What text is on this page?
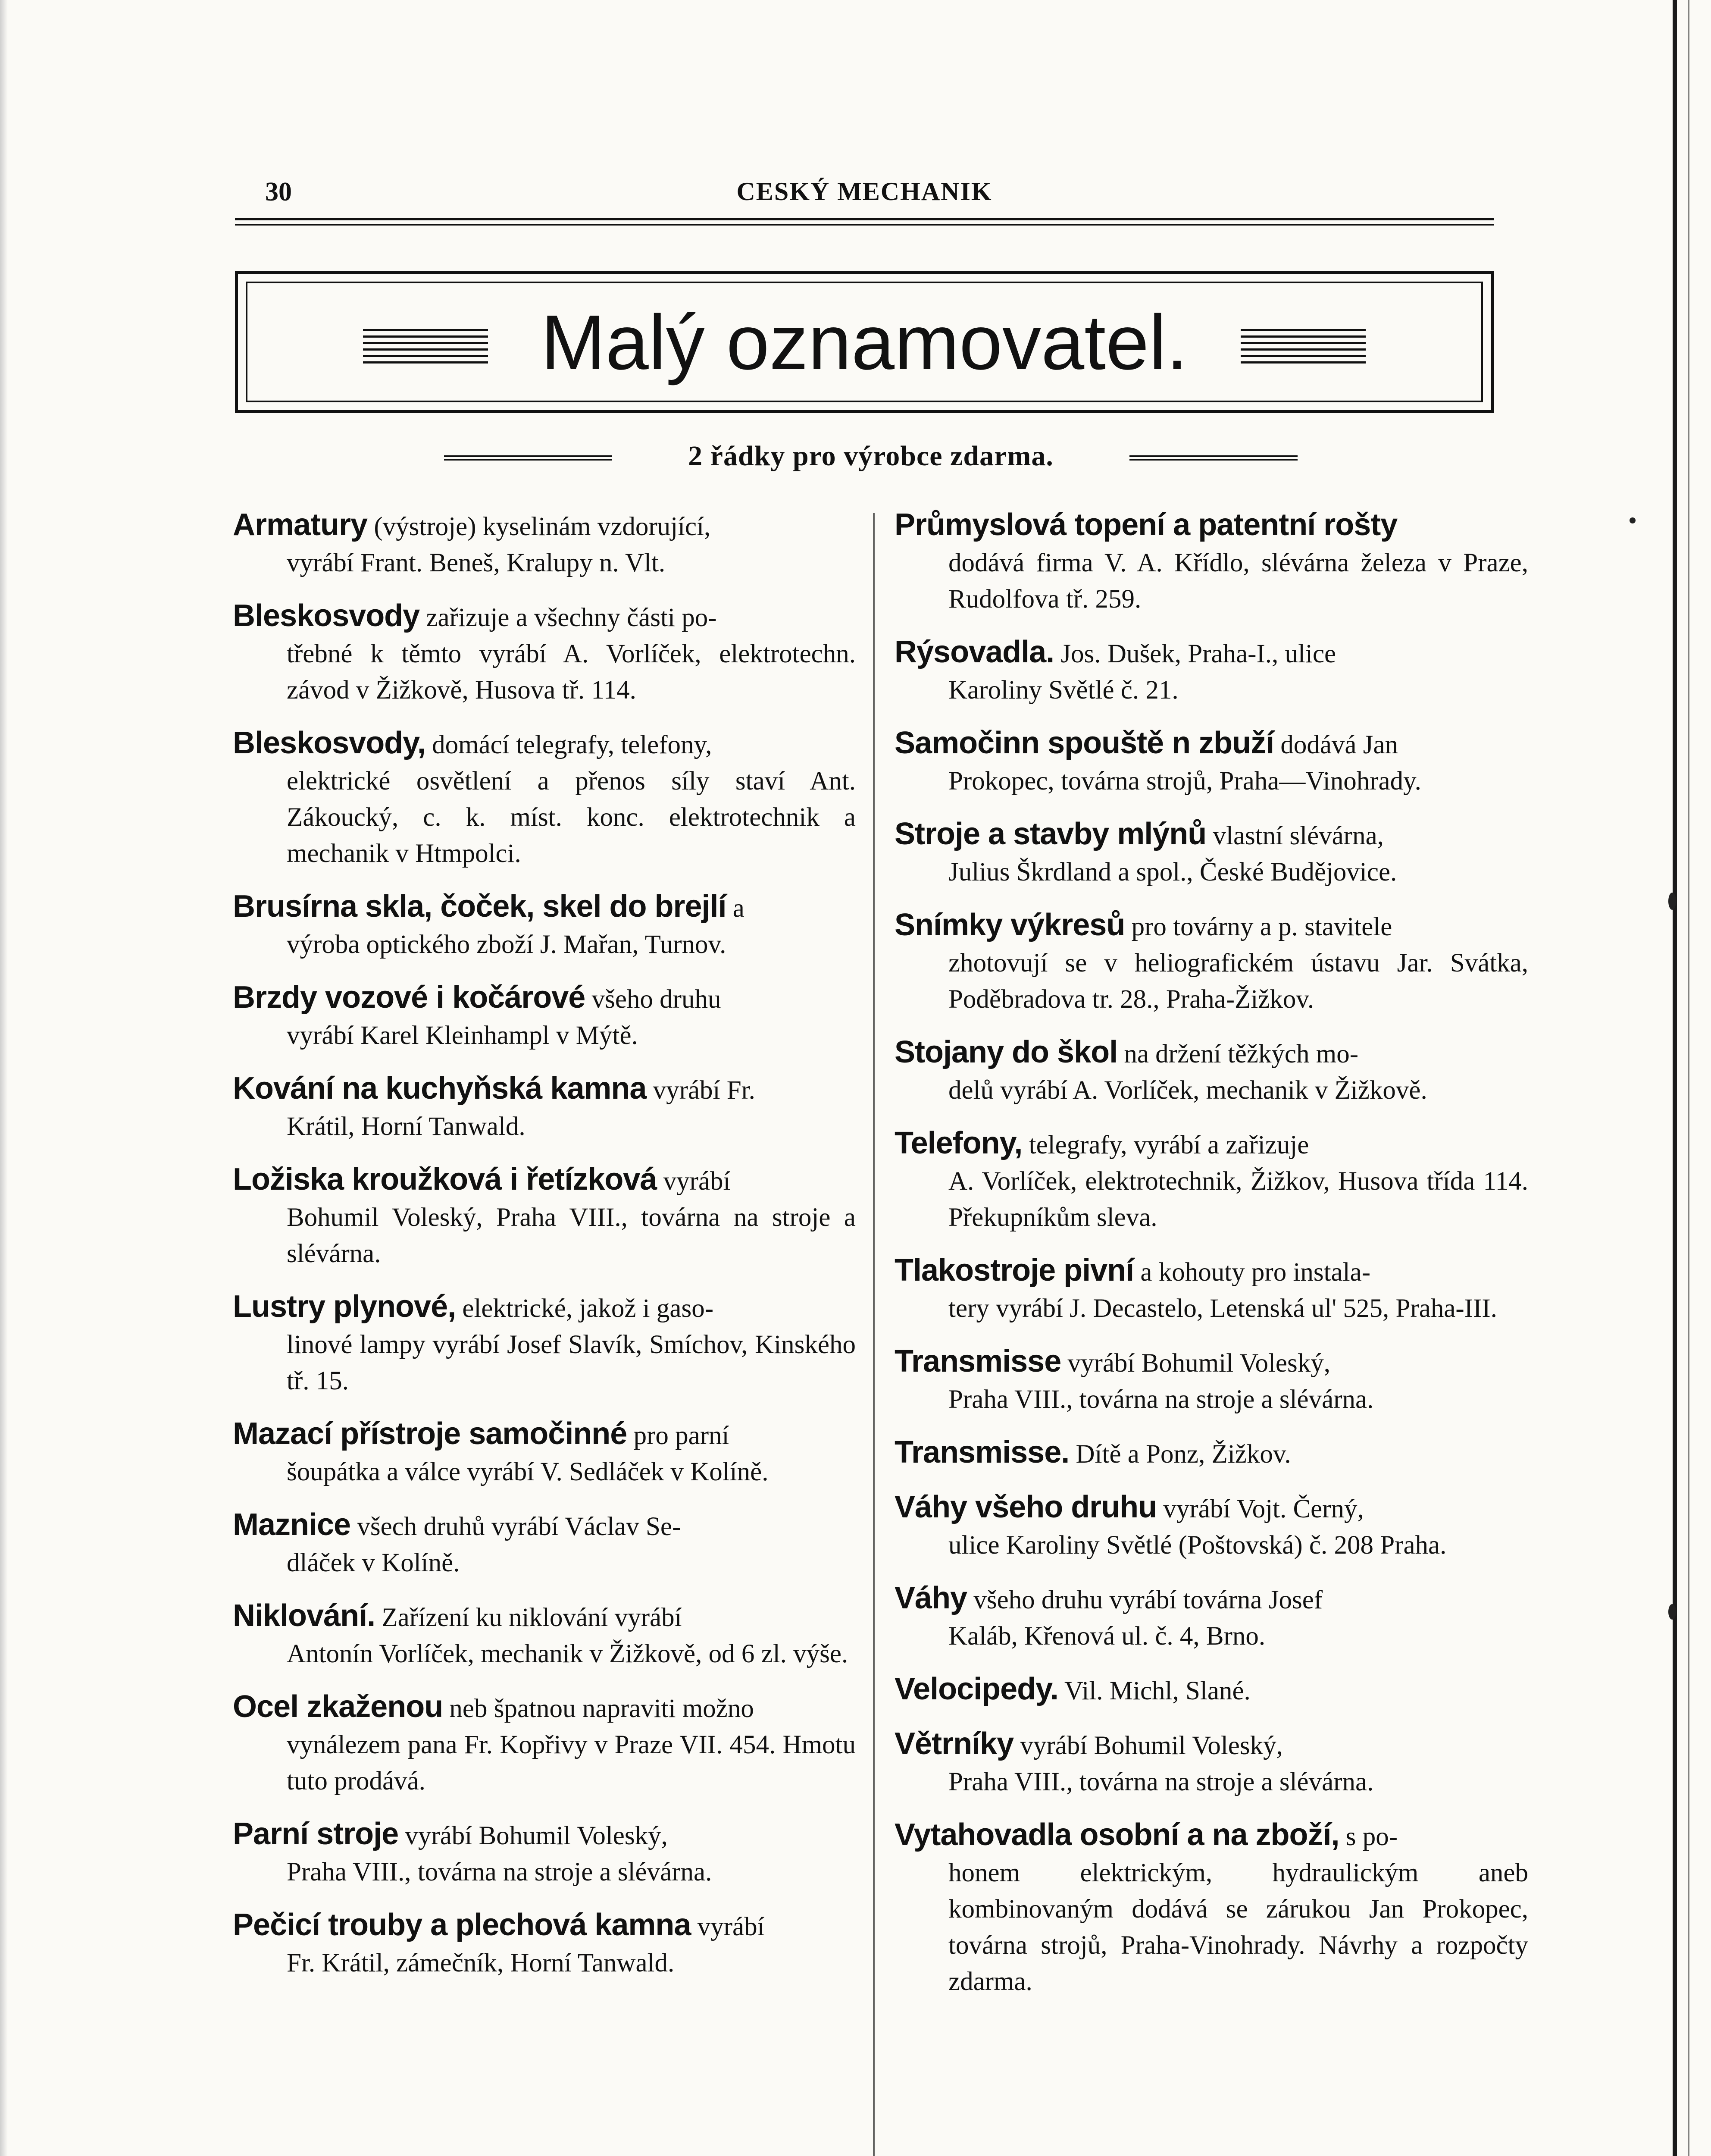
30	CESKÝ MECHANIK
Malý oznamovatel.
2 řádky pro výrobce zdarma.
Armatury (výstroje) kyselinám vzdorující,
vyrábí Frant. Beneš, Kralupy n. Vlt.
Bleskosvody zařizuje a všechny části po-
třebné k těmto vyrábí A. Vorlíček, elektrotechn. závod v Žižkově, Husova tř. 114.
Bleskosvody, domácí telegrafy, telefony,
elektrické osvětlení a přenos síly staví Ant. Zákoucký, c. k. míst. konc. elektrotechnik a mechanik v Htmpolci.
Brusírna skla, čoček, skel do brejlí a
výroba optického zboží J. Mařan, Turnov.
Brzdy vozové i kočárové všeho druhu
vyrábí Karel Kleinhampl v Mýtě.
Kování na kuchyňská kamna vyrábí Fr.
Krátil, Horní Tanwald.
Ložiska kroužková i řetízková vyrábí
Bohumil Voleský, Praha VIII., továrna na stroje a slévárna.
Lustry plynové, elektrické, jakož i gaso-
linové lampy vyrábí Josef Slavík, Smíchov, Kinského tř. 15.
Mazací přístroje samočinné pro parní
šoupátka a válce vyrábí V. Sedláček v Kolíně.
Maznice všech druhů vyrábí Václav Se-
dláček v Kolíně.
Niklování. Zařízení ku niklování vyrábí
Antonín Vorlíček, mechanik v Žižkově, od 6 zl. výše.
Ocel zkaženou neb špatnou napraviti možno
vynálezem pana Fr. Kopřivy v Praze VII. 454. Hmotu tuto prodává.
Parní stroje vyrábí Bohumil Voleský,
Praha VIII., továrna na stroje a slévárna.
Pečicí trouby a plechová kamna vyrábí
Fr. Krátil, zámečník, Horní Tanwald.
Průmyslová topení a patentní rošty
dodává firma V. A. Křídlo, slévárna železa v Praze, Rudolfova tř. 259.
Rýsovadla. Jos. Dušek, Praha-I., ulice
Karoliny Světlé č. 21.
Samočinn spouště n zbuží dodává Jan
Prokopec, továrna strojů, Praha—Vinohrady.
Stroje a stavby mlýnů vlastní slévárna,
Julius Škrdland a spol., České Budějovice.
Snímky výkresů pro továrny a p. stavitele
zhotovují se v heliografickém ústavu Jar. Svátka, Poděbradova tr. 28., Praha-Žižkov.
Stojany do škol na držení těžkých mo-
delů vyrábí A. Vorlíček, mechanik v Žižkově.
Telefony, telegrafy, vyrábí a zařizuje
A. Vorlíček, elektrotechnik, Žižkov, Husova třída 114. Překupníkům sleva.
Tlakostroje pivní a kohouty pro instala-
tery vyrábí J. Decastelo, Letenská ul' 525, Praha-III.
Transmisse vyrábí Bohumil Voleský,
Praha VIII., továrna na stroje a slévárna.
Transmisse. Dítě a Ponz, Žižkov.
Váhy všeho druhu vyrábí Vojt. Černý,
ulice Karoliny Světlé (Poštovská) č. 208 Praha.
Váhy všeho druhu vyrábí továrna Josef
Kaláb, Křenová ul. č. 4, Brno.
Velocipedy. Vil. Michl, Slané.
Větrníky vyrábí Bohumil Voleský,
Praha VIII., továrna na stroje a slévárna.
Vytahovadla osobní a na zboží, s po-
honem elektrickým, hydraulickým aneb kombinovaným dodává se zárukou Jan Prokopec, továrna strojů, Praha-Vinohrady. Návrhy a rozpočty zdarma.
